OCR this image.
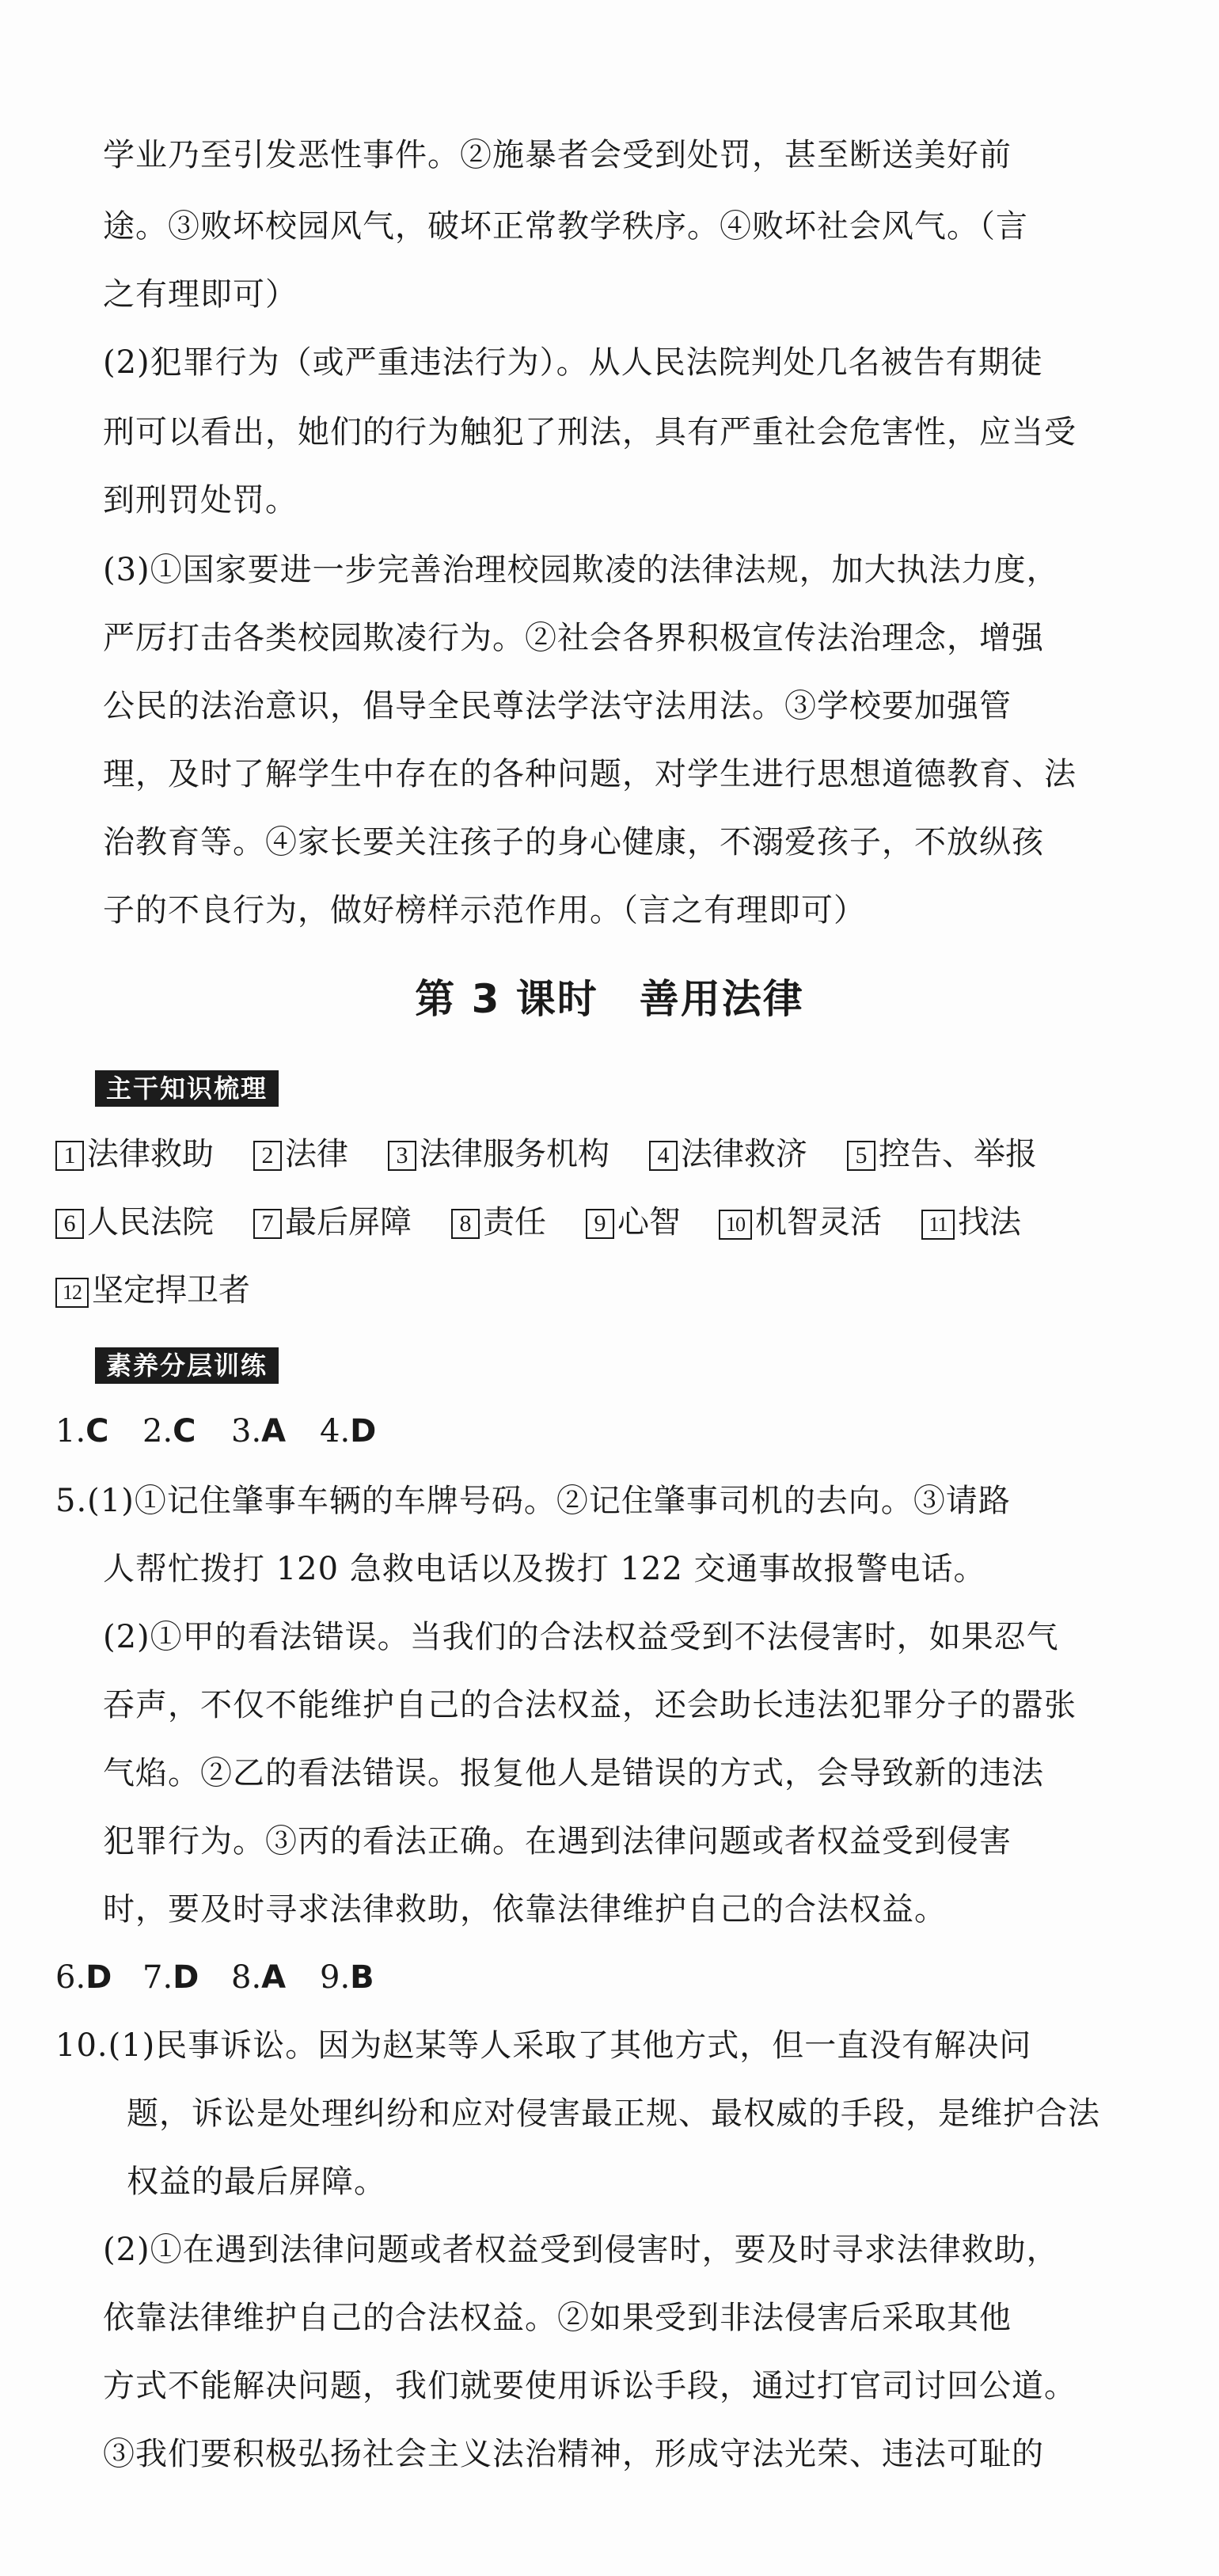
学业乃至引发恶性事件。②施暴者会受到处罚，甚至断送美好前
途。③败坏校园风气，破坏正常教学秩序。④败坏社会风气。（言
之有理即可）
(2)犯罪行为（或严重违法行为）。从人民法院判处几名被告有期徒
刑可以看出，她们的行为触犯了刑法，具有严重社会危害性，应当受
到刑罚处罚。
(3)①国家要进一步完善治理校园欺凌的法律法规，加大执法力度，
严厉打击各类校园欺凌行为。②社会各界积极宣传法治理念，增强
公民的法治意识，倡导全民尊法学法守法用法。③学校要加强管
理，及时了解学生中存在的各种问题，对学生进行思想道德教育、法
治教育等。④家长要关注孩子的身心健康，不溺爱孩子，不放纵孩
子的不良行为，做好榜样示范作用。（言之有理即可）
第 3 课时　善用法律
主干知识梳理
1 法律救助	2 法律	3 法律服务机构	4 法律救济	5 控告、举报
6 人民法院	7 最后屏障	8 责任	9 心智	10 机智灵活	11 找法
12 坚定捍卫者
素养分层训练
1.C 2.C 3.A 4.D
5.(1)①记住肇事车辆的车牌号码。②记住肇事司机的去向。③请路
人帮忙拨打 120 急救电话以及拨打 122 交通事故报警电话。
(2)①甲的看法错误。当我们的合法权益受到不法侵害时，如果忍气
吞声，不仅不能维护自己的合法权益，还会助长违法犯罪分子的嚣张
气焰。②乙的看法错误。报复他人是错误的方式，会导致新的违法
犯罪行为。③丙的看法正确。在遇到法律问题或者权益受到侵害
时，要及时寻求法律救助，依靠法律维护自己的合法权益。
6.D 7.D 8.A 9.B
10.(1)民事诉讼。因为赵某等人采取了其他方式，但一直没有解决问
题，诉讼是处理纠纷和应对侵害最正规、最权威的手段，是维护合法
权益的最后屏障。
(2)①在遇到法律问题或者权益受到侵害时，要及时寻求法律救助，
依靠法律维护自己的合法权益。②如果受到非法侵害后采取其他
方式不能解决问题，我们就要使用诉讼手段，通过打官司讨回公道。
③我们要积极弘扬社会主义法治精神，形成守法光荣、违法可耻的
